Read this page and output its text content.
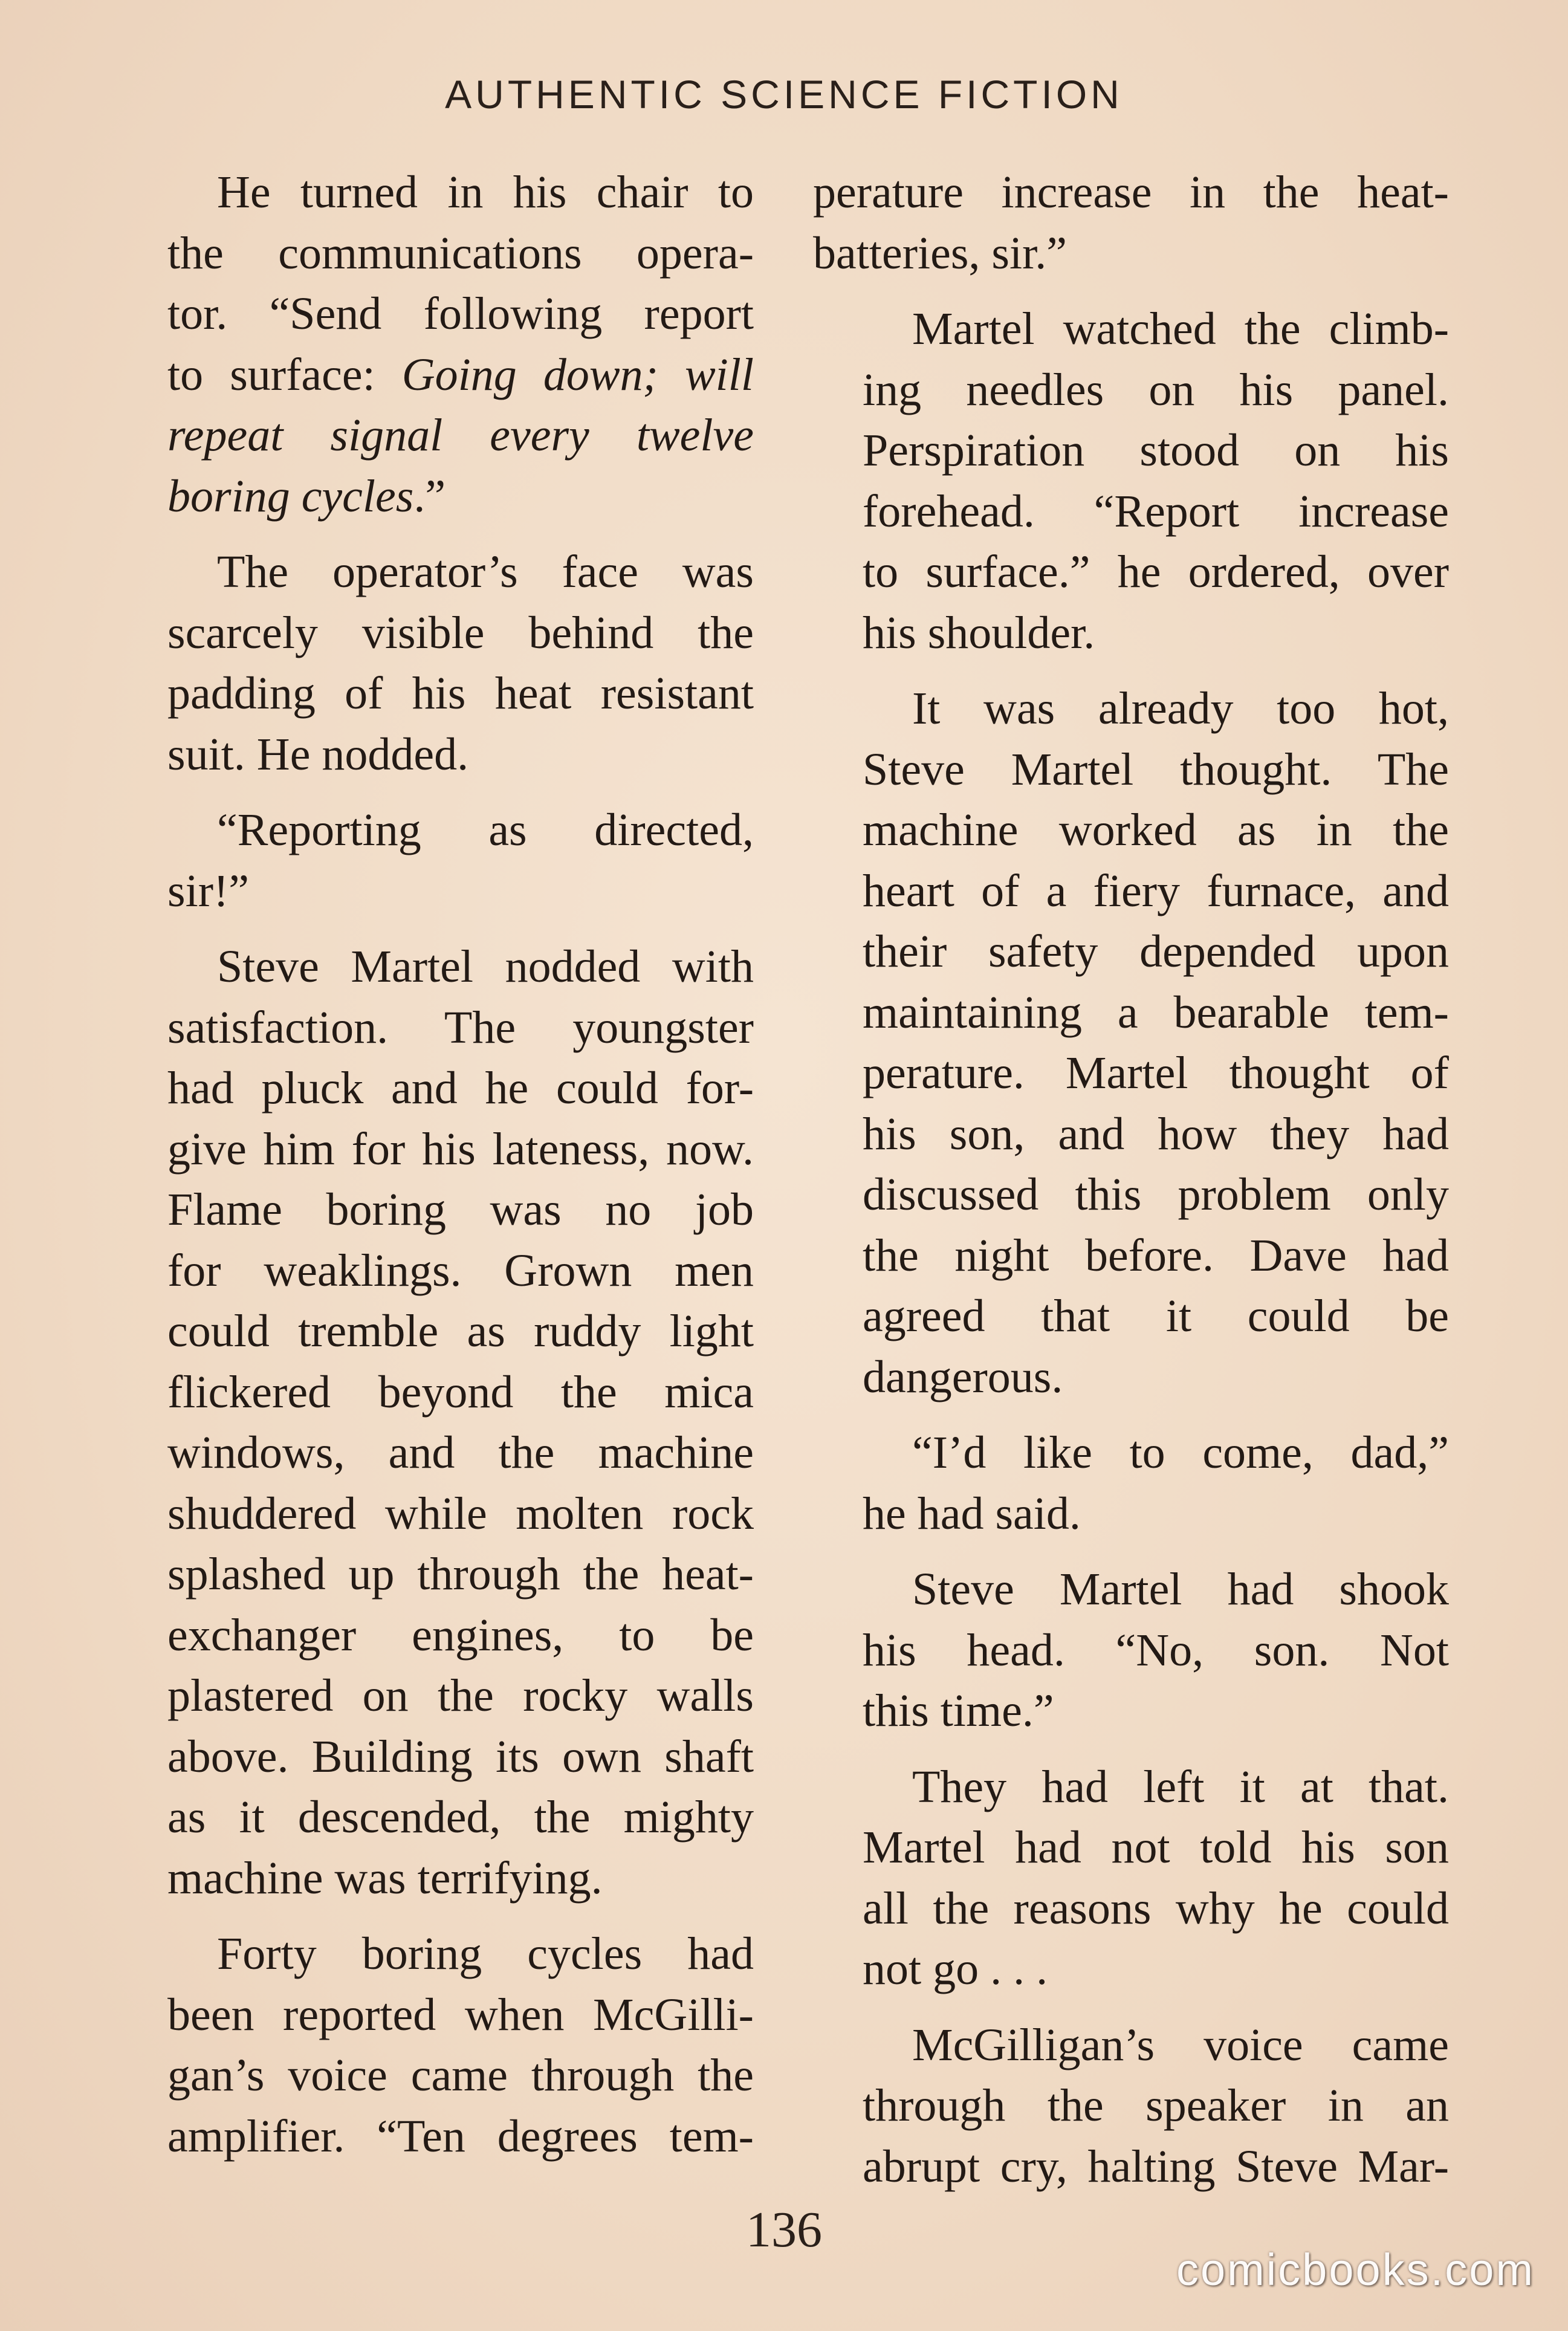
AUTHENTIC SCIENCE FICTION
He turned in his chair to
the communications opera-
tor. “Send following report
to surface: Going down; will
repeat signal every twelve
boring cycles.”
The operator’s face was
scarcely visible behind the
padding of his heat resistant
suit. He nodded.
“Reporting as directed,
sir!”
Steve Martel nodded with
satisfaction. The youngster
had pluck and he could for-
give him for his lateness, now.
Flame boring was no job
for weaklings. Grown men
could tremble as ruddy light
flickered beyond the mica
windows, and the machine
shuddered while molten rock
splashed up through the heat-
exchanger engines, to be
plastered on the rocky walls
above. Building its own shaft
as it descended, the mighty
machine was terrifying.
Forty boring cycles had
been reported when McGilli-
gan’s voice came through the
amplifier. “Ten degrees tem-
perature increase in the heat-
batteries, sir.”
Martel watched the climb-
ing needles on his panel.
Perspiration stood on his
forehead. “Report increase
to surface.” he ordered, over
his shoulder.
It was already too hot,
Steve Martel thought. The
machine worked as in the
heart of a fiery furnace, and
their safety depended upon
maintaining a bearable tem-
perature. Martel thought of
his son, and how they had
discussed this problem only
the night before. Dave had
agreed that it could be
dangerous.
“I’d like to come, dad,”
he had said.
Steve Martel had shook
his head. “No, son. Not
this time.”
They had left it at that.
Martel had not told his son
all the reasons why he could
not go . . .
McGilligan’s voice came
through the speaker in an
abrupt cry, halting Steve Mar-
136
comicbooks.com
